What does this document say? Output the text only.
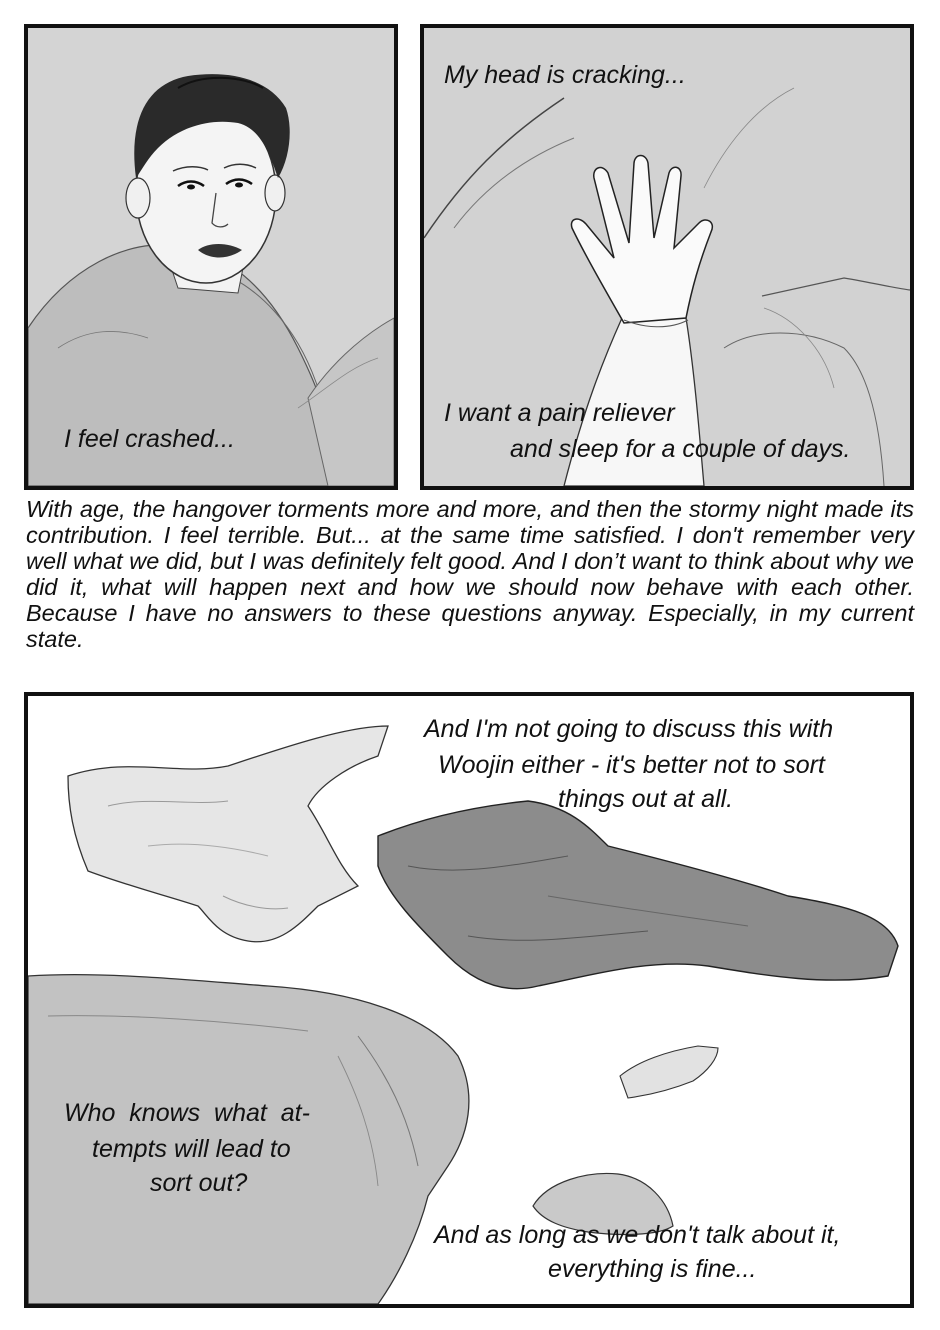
I feel crashed...

My head is cracking...

I want a pain reliever

and sleep for a couple of days.

With age, the hangover torments more and more, and then the stormy night made its contribution. I feel terrible. But... at the same time satisfied. I don't remember very well what we did, but I was definitely felt good. And I don’t want to think about why we did it, what will happen next and how we should now behave with each other. Because I have no answers to these questions anyway. Especially, in my current state.

And I'm not going to discuss this with

Woojin either - it's better not to sort

things out at all.

Who  knows  what  at-

tempts will lead to

sort out?

And as long as we don't talk about it,

everything is fine...
